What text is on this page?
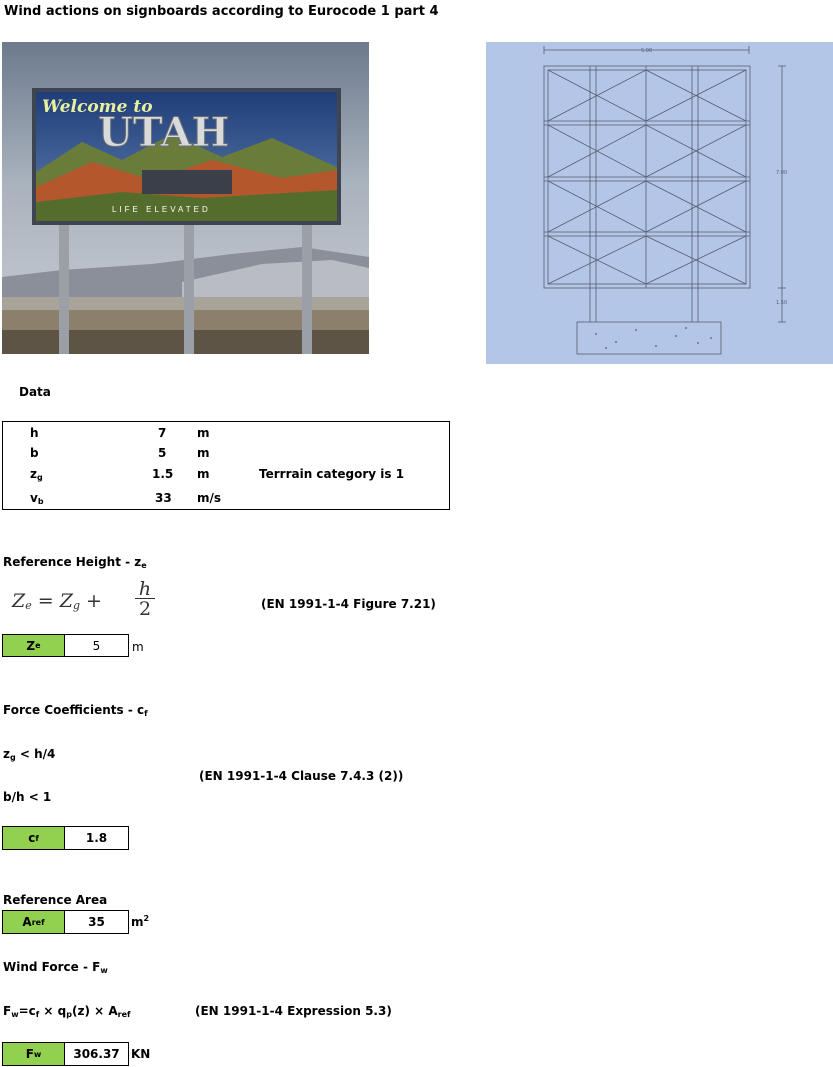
Wind actions on signboards according to Eurocode 1 part 4
Welcome to
UTAH
LIFE ELEVATED
5.00
7.00
1.50
Data
h	7	m
b	5	m
$z_g$	1.5 m	Terrrain category is 1
$v_b$	33 m/s
Reference Height - $z_e$
$Z_e = Z_g$ +
h
2	(EN 1991-1-4 Figure 7.21)
Z e	5	m
Force Coefficients - $c_f$
$z_g < h/4$
(EN 1991-1-4 Clause 7.4.3 (2))
b/h < 1
c f	1.8
Reference Area
A ref	35	$m^2$
Wind Force - $F_w$
$F_w=c_f \times q_p(z) \times A_{ref}$	(EN 1991-1-4 Expression 5.3)
F w	306.37 KN
